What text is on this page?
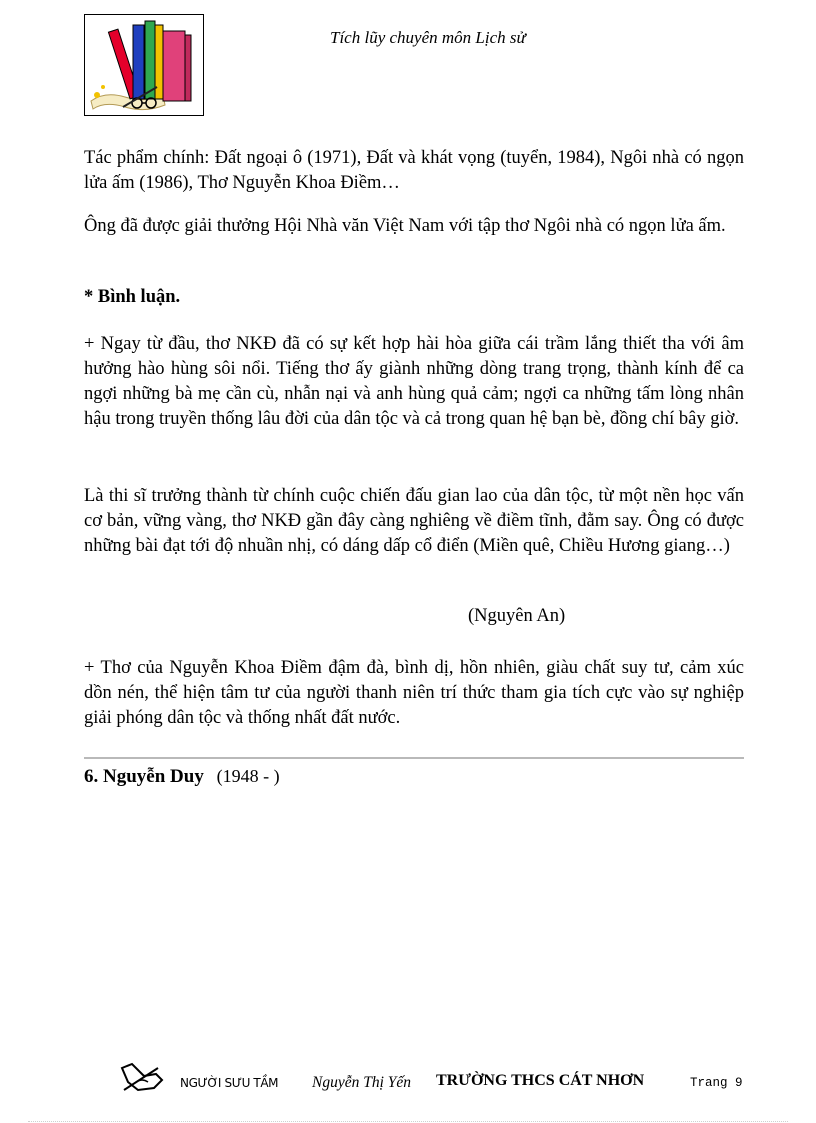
Tích lũy chuyên môn Lịch sử
Tác phẩm chính: Đất ngoại ô (1971), Đất và khát vọng (tuyển, 1984), Ngôi nhà có ngọn lửa ấm (1986), Thơ Nguyễn Khoa Điềm…
Ông đã được giải thưởng Hội Nhà văn Việt Nam với tập thơ Ngôi nhà có ngọn lửa ấm.
* Bình luận.
+ Ngay từ đầu, thơ NKĐ đã có sự kết hợp hài hòa giữa cái trầm lắng thiết tha với âm hưởng hào hùng sôi nổi. Tiếng thơ ấy giành những dòng trang trọng, thành kính để ca ngợi những bà mẹ cần cù, nhẫn nại và anh hùng quả cảm; ngợi ca những tấm lòng nhân hậu trong truyền thống lâu đời của dân tộc và cả trong quan hệ bạn bè, đồng chí bây giờ.
Là thi sĩ trưởng thành từ chính cuộc chiến đấu gian lao của dân tộc, từ một nền học vấn cơ bản, vững vàng, thơ NKĐ gần đây càng nghiêng về điềm tĩnh, đằm say. Ông có được những bài đạt tới độ nhuần nhị, có dáng dấp cổ điển (Miền quê, Chiều Hương giang…)
(Nguyên An)
+ Thơ của Nguyễn Khoa Điềm đậm đà, bình dị, hồn nhiên, giàu chất suy tư, cảm xúc dồn nén, thể hiện tâm tư của người thanh niên trí thức tham gia tích cực vào sự nghiệp giải phóng dân tộc và thống nhất đất nước.
6. Nguyễn Duy (1948 - )
NGƯỜI SƯU TẦM Nguyễn Thị Yến TRƯỜNG THCS CÁT NHƠN	Trang 9
